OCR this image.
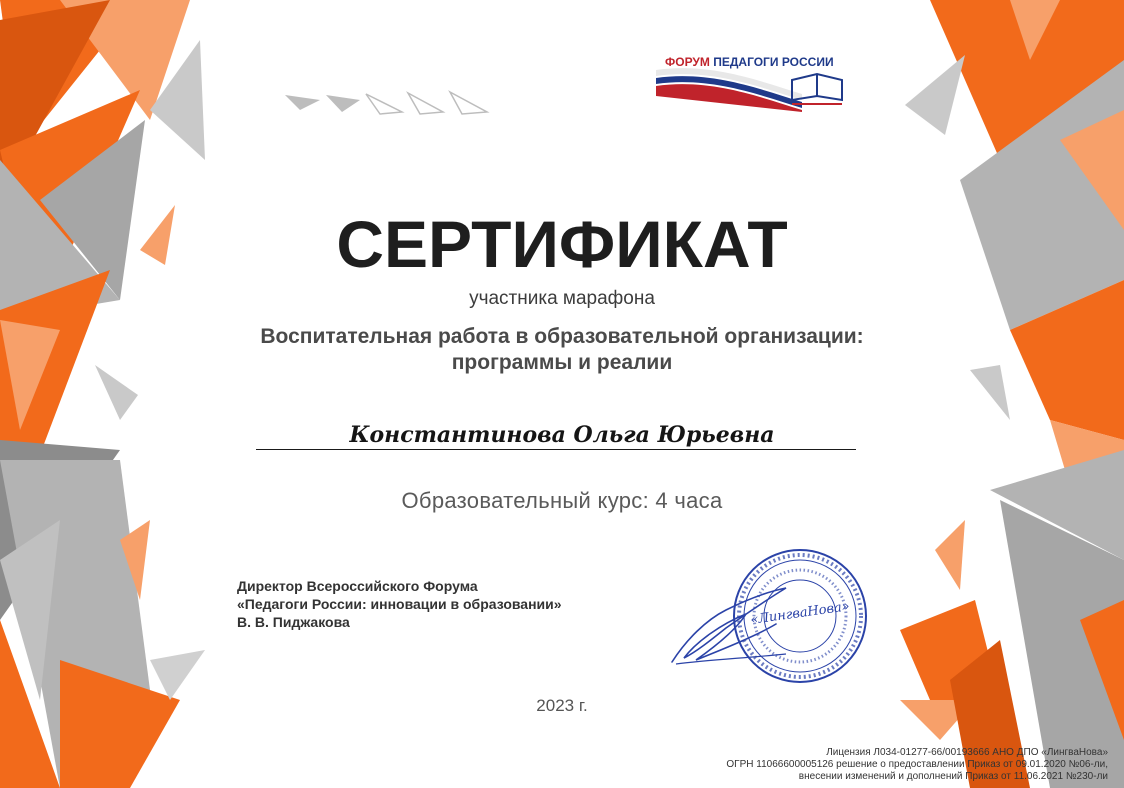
ФОРУМ ПЕДАГОГИ РОССИИ

СЕРТИФИКАТ

участника марафона

Воспитательная работа в образовательной организации:

программы и реалии

Константинова Ольга Юрьевна

Образовательный курс: 4 часа

Директор Всероссийского Форума

«Педагоги России: инновации в образовании»

В. В. Пиджакова	«ЛингваНова»

2023 г.

Лицензия Л034-01277-66/00193666 АНО ДПО «ЛингваНова»

ОГРН 11066600005126 решение о предоставлении Приказ от 09.01.2020 №06-ли,

внесении изменений и дополнений Приказ от 11.06.2021 №230-ли
